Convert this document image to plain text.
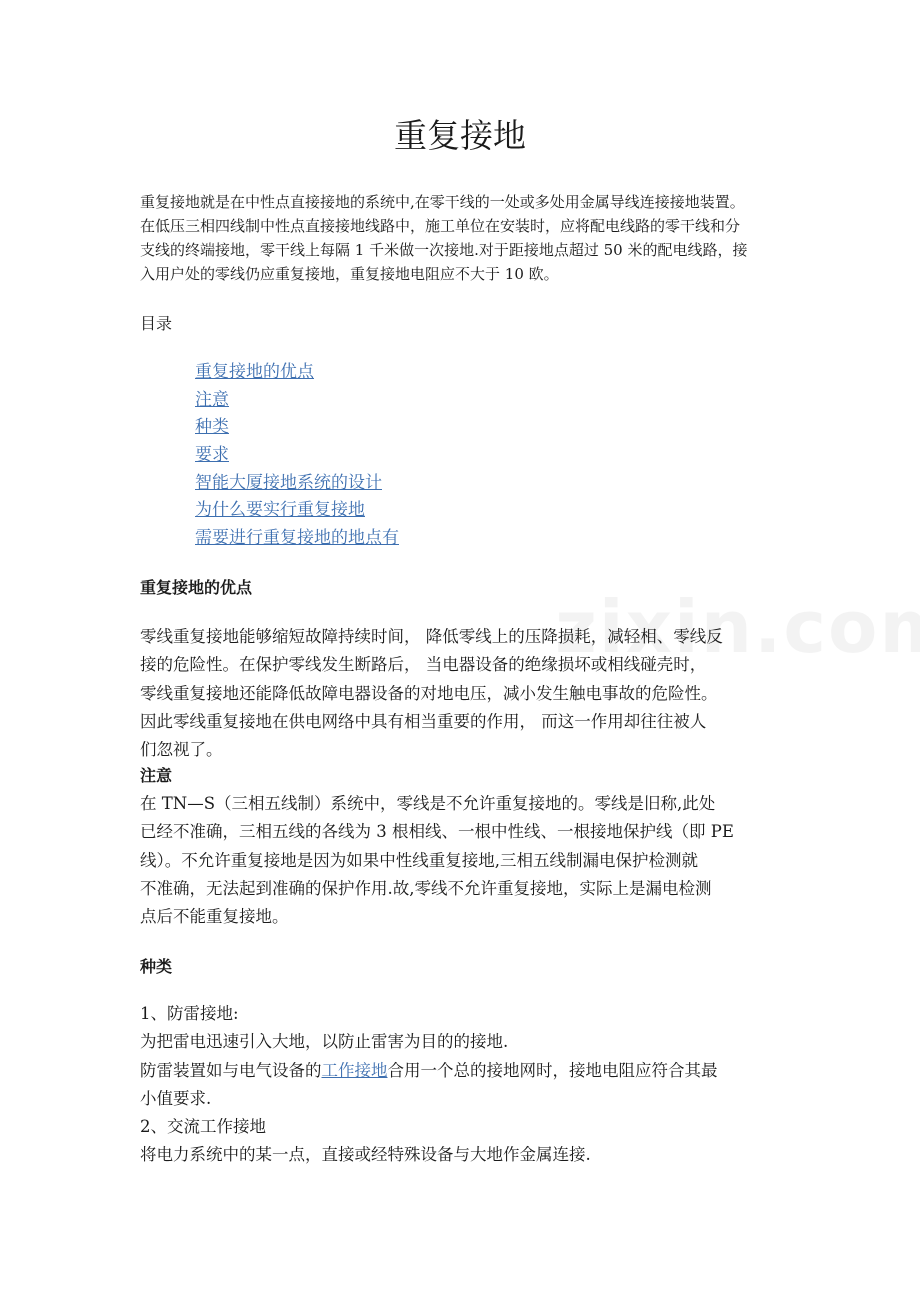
重复接地

重复接地就是在中性点直接接地的系统中,在零干线的一处或多处用金属导线连接接地装置。
在低压三相四线制中性点直接接地线路中，施工单位在安装时，应将配电线路的零干线和分
支线的终端接地，零干线上每隔 1 千米做一次接地.对于距接地点超过 50 米的配电线路，接
入用户处的零线仍应重复接地，重复接地电阻应不大于 10 欧。

目录

重复接地的优点
注意
种类
要求
智能大厦接地系统的设计
为什么要实行重复接地
需要进行重复接地的地点有
重复接地的优点

零线重复接地能够缩短故障持续时间， 降低零线上的压降损耗，减轻相、零线反
接的危险性。在保护零线发生断路后， 当电器设备的绝缘损坏或相线碰壳时，
零线重复接地还能降低故障电器设备的对地电压，减小发生触电事故的危险性。
因此零线重复接地在供电网络中具有相当重要的作用， 而这一作用却往往被人
们忽视了。

注意

在 TN—S（三相五线制）系统中，零线是不允许重复接地的。零线是旧称,此处
已经不准确，三相五线的各线为 3 根相线、一根中性线、一根接地保护线（即 PE
线）。不允许重复接地是因为如果中性线重复接地,三相五线制漏电保护检测就
不准确，无法起到准确的保护作用.故,零线不允许重复接地，实际上是漏电检测
点后不能重复接地。

种类

1、防雷接地:
为把雷电迅速引入大地，以防止雷害为目的的接地.
防雷装置如与电气设备的工作接地合用一个总的接地网时，接地电阻应符合其最
小值要求.
2、交流工作接地
将电力系统中的某一点，直接或经特殊设备与大地作金属连接.
